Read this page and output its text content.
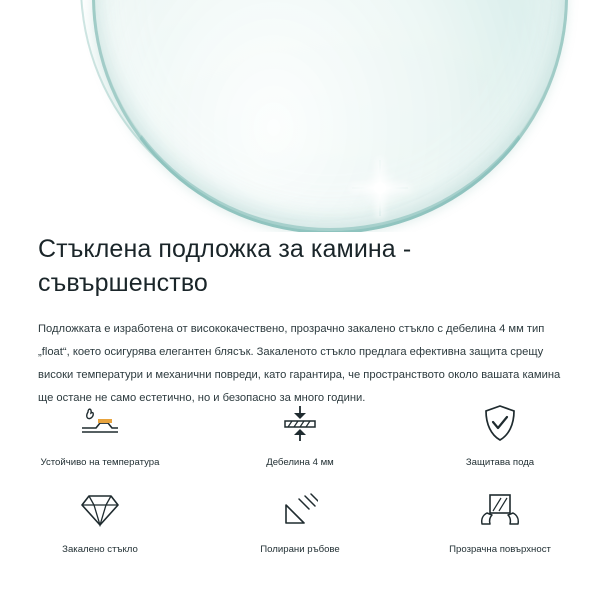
Стъклена подложка за камина - съвършенство

Подложката е изработена от висококачествено, прозрачно закалено стъкло с дебелина 4 мм тип „float“, което осигурява елегантен блясък. Закаленото стъкло предлага ефективна защита срещу високи температури и механични повреди, като гарантира, че пространството около вашата камина ще остане не само естетично, но и безопасно за много години.

Устойчиво на температура	Дебелина 4 мм	Защитава пода
Закалено стъкло	Полирани ръбове	Прозрачна повърхност
